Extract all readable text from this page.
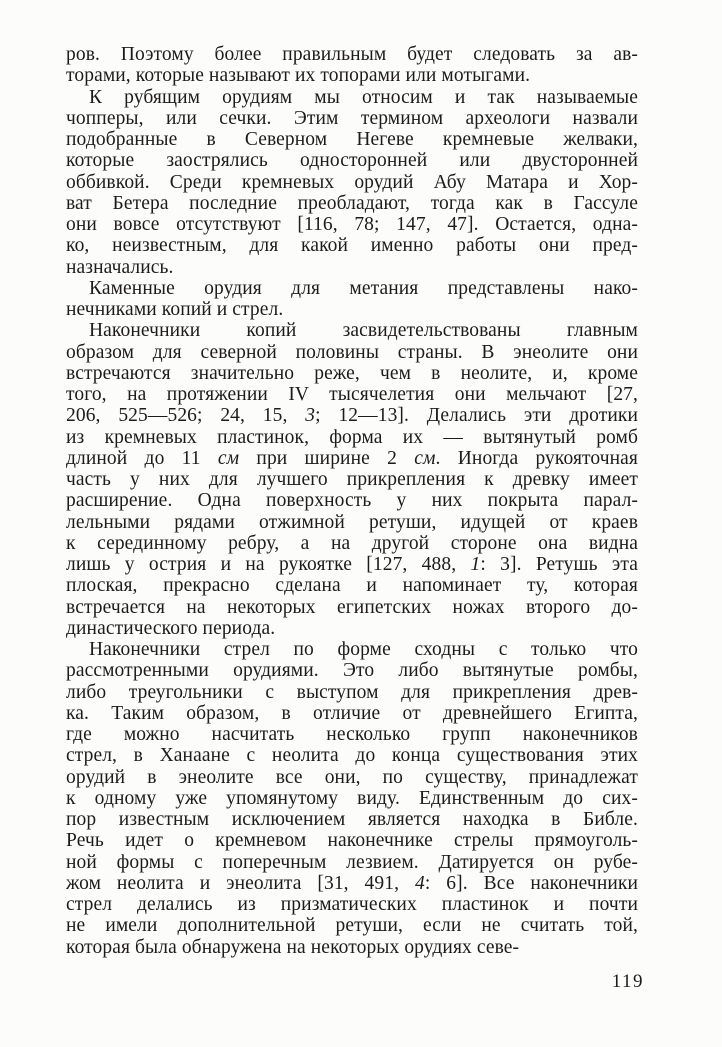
ров. Поэтому более правильным будет следовать за ав-
торами, которые называют их топорами или мотыгами.
К рубящим орудиям мы относим и так называемые
чопперы, или сечки. Этим термином археологи назвали
подобранные в Северном Негеве кремневые желваки,
которые заострялись односторонней или двусторонней
оббивкой. Среди кремневых орудий Абу Матара и Хор-
ват Бетера последние преобладают, тогда как в Гассуле
они вовсе отсутствуют [116, 78; 147, 47]. Остается, одна-
ко, неизвестным, для какой именно работы они пред-
назначались.
Каменные орудия для метания представлены нако-
нечниками копий и стрел.
Наконечники копий засвидетельствованы главным
образом для северной половины страны. В энеолите они
встречаются значительно реже, чем в неолите, и, кроме
того, на протяжении IV тысячелетия они мельчают [27,
206, 525—526; 24, 15, 3; 12—13]. Делались эти дротики
из кремневых пластинок, форма их — вытянутый ромб
длиной до 11 см при ширине 2 см. Иногда рукояточная
часть у них для лучшего прикрепления к древку имеет
расширение. Одна поверхность у них покрыта парал-
лельными рядами отжимной ретуши, идущей от краев
к серединному ребру, а на другой стороне она видна
лишь у острия и на рукоятке [127, 488, 1: 3]. Ретушь эта
плоская, прекрасно сделана и напоминает ту, которая
встречается на некоторых египетских ножах второго до-
династического периода.
Наконечники стрел по форме сходны с только что
рассмотренными орудиями. Это либо вытянутые ромбы,
либо треугольники с выступом для прикрепления древ-
ка. Таким образом, в отличие от древнейшего Египта,
где можно насчитать несколько групп наконечников
стрел, в Ханаане с неолита до конца существования этих
орудий в энеолите все они, по существу, принадлежат
к одному уже упомянутому виду. Единственным до сих-
пор известным исключением является находка в Библе.
Речь идет о кремневом наконечнике стрелы прямоуголь-
ной формы с поперечным лезвием. Датируется он рубе-
жом неолита и энеолита [31, 491, 4: 6]. Все наконечники
стрел делались из призматических пластинок и почти
не имели дополнительной ретуши, если не считать той,
которая была обнаружена на некоторых орудиях севе-
119
